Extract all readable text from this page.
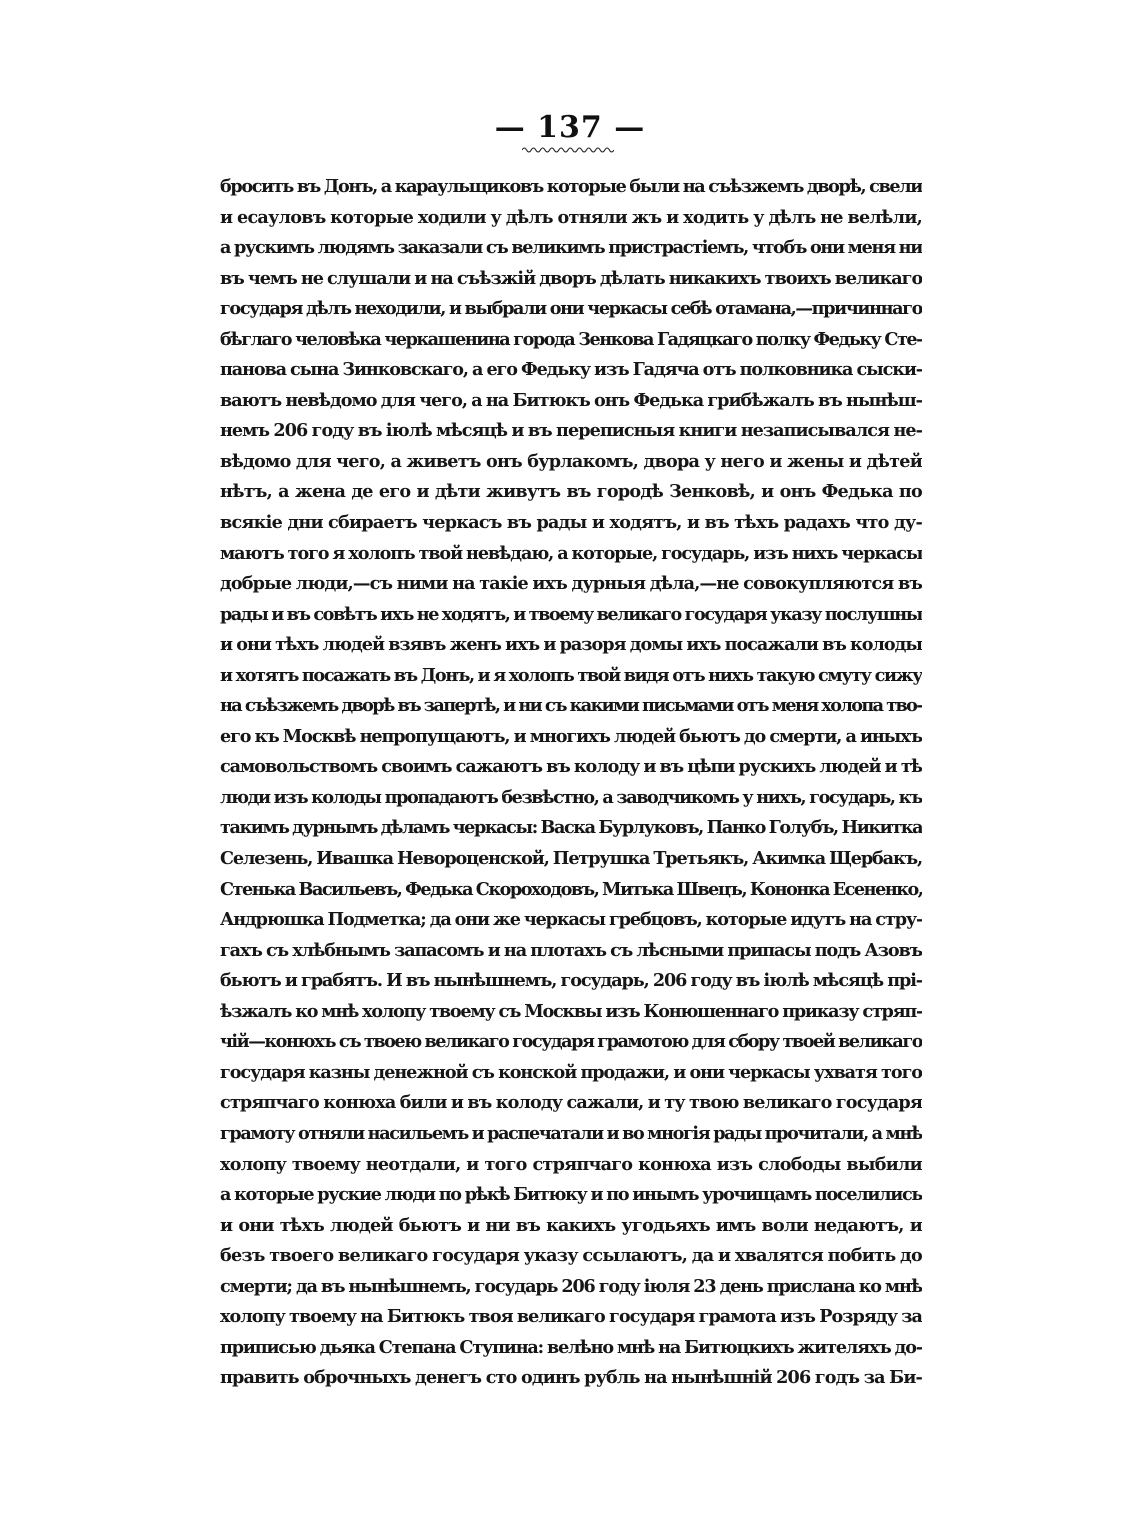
— 137 —
бросить въ Донъ, а караульщиковъ которые были на съѣзжемъ дворѣ, свели
и есауловъ которые ходили у дѣлъ отняли жъ и ходить у дѣлъ не велѣли,
а рускимъ людямъ заказали съ великимъ пристрастіемъ, чтобъ они меня ни
въ чемъ не слушали и на съѣзжій дворъ дѣлать никакихъ твоихъ великаго
государя дѣлъ неходили, и выбрали они черкасы себѣ отамана,—причиннаго
бѣглаго человѣка черкашенина города Зенкова Гадяцкаго полку Федьку Сте-
панова сына Зинковскаго, а его Федьку изъ Гадяча отъ полковника сыски-
ваютъ невѣдомо для чего, а на Битюкъ онъ Федька грибѣжалъ въ нынѣш-
немъ 206 году въ іюлѣ мѣсяцѣ и въ переписныя книги незаписывался не-
вѣдомо для чего, а живетъ онъ бурлакомъ, двора у него и жены и дѣтей
нѣтъ, а жена де его и дѣти живутъ въ городѣ Зенковѣ, и онъ Федька по
всякіе дни сбираетъ черкасъ въ рады и ходятъ, и въ тѣхъ радахъ что ду-
маютъ того я холопъ твой невѣдаю, а которые, государь, изъ нихъ черкасы
добрые люди,—съ ними на такіе ихъ дурныя дѣла,—не совокупляются въ
рады и въ совѣтъ ихъ не ходятъ, и твоему великаго государя указу послушны
и они тѣхъ людей взявъ женъ ихъ и разоря домы ихъ посажали въ колоды
и хотятъ посажать въ Донъ, и я холопъ твой видя отъ нихъ такую смуту сижу
на съѣзжемъ дворѣ въ запертѣ, и ни съ какими письмами отъ меня холопа тво-
его къ Москвѣ непропущаютъ, и многихъ людей бьютъ до смерти, а иныхъ
самовольствомъ своимъ сажаютъ въ колоду и въ цѣпи рускихъ людей и тѣ
люди изъ колоды пропадаютъ безвѣстно, а заводчикомъ у нихъ, государь, къ
такимъ дурнымъ дѣламъ черкасы: Васка Бурлуковъ, Панко Голубъ, Никитка
Селезень, Ивашка Невороценской, Петрушка Третьякъ, Акимка Щербакъ,
Стенька Васильевъ, Федька Скороходовъ, Митька Швецъ, Кононка Есененко,
Андрюшка Подметка; да они же черкасы гребцовъ, которые идутъ на стру-
гахъ съ хлѣбнымъ запасомъ и на плотахъ съ лѣсными припасы подъ Азовъ
бьютъ и грабятъ. И въ нынѣшнемъ, государь, 206 году въ іюлѣ мѣсяцѣ прі-
ѣзжалъ ко мнѣ холопу твоему съ Москвы изъ Конюшеннаго приказу стряп-
чій—конюхъ съ твоею великаго государя грамотою для сбору твоей великаго
государя казны денежной съ конской продажи, и они черкасы ухватя того
стряпчаго конюха били и въ колоду сажали, и ту твою великаго государя
грамоту отняли насильемъ и распечатали и во многія рады прочитали, а мнѣ
холопу твоему неотдали, и того стряпчаго конюха изъ слободы выбили
а которые руские люди по рѣкѣ Битюку и по инымъ урочищамъ поселились
и они тѣхъ людей бьютъ и ни въ какихъ угодьяхъ имъ воли недаютъ, и
безъ твоего великаго государя указу ссылаютъ, да и хвалятся побить до
смерти; да въ нынѣшнемъ, государь 206 году іюля 23 день прислана ко мнѣ
холопу твоему на Битюкъ твоя великаго государя грамота изъ Розряду за
приписью дьяка Степана Ступина: велѣно мнѣ на Битюцкихъ жителяхъ до-
править оброчныхъ денегъ сто одинъ рубль на нынѣшній 206 годъ за Би-
